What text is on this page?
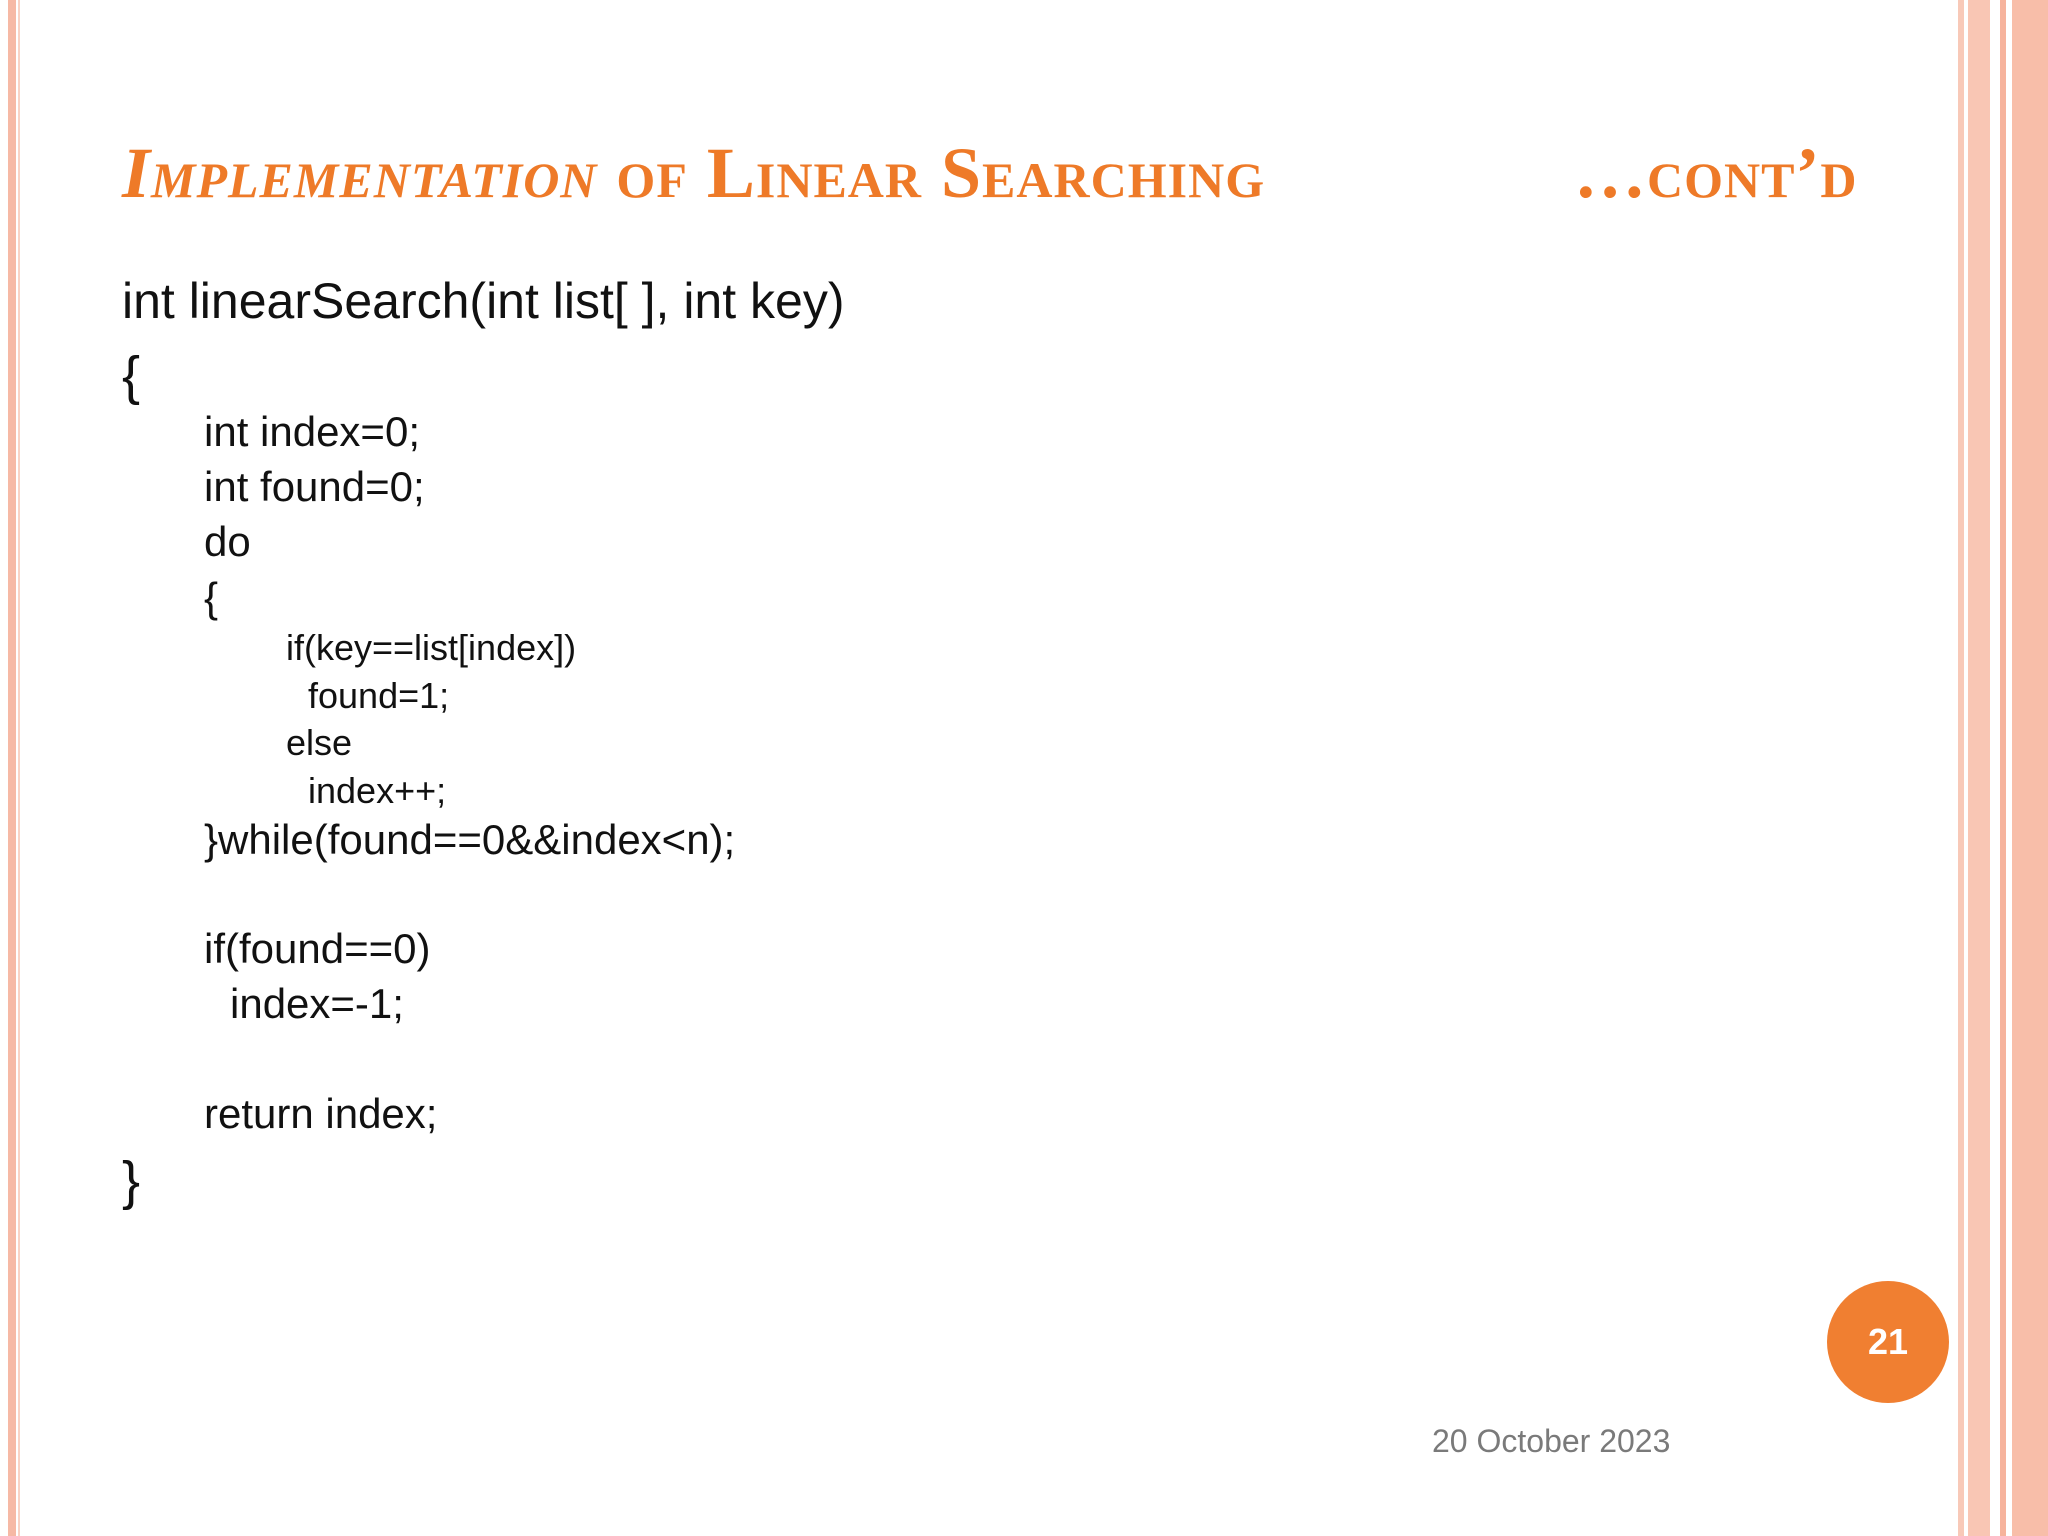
Implementation of Linear Searching	…cont’d
int linearSearch(int list[ ], int key)
{
int index=0;
int found=0;
do
{
if(key==list[index])
found=1;
else
index++;
}while(found==0&&index<n);
if(found==0)
index=-1;
return index;
}
21
20 October 2023
